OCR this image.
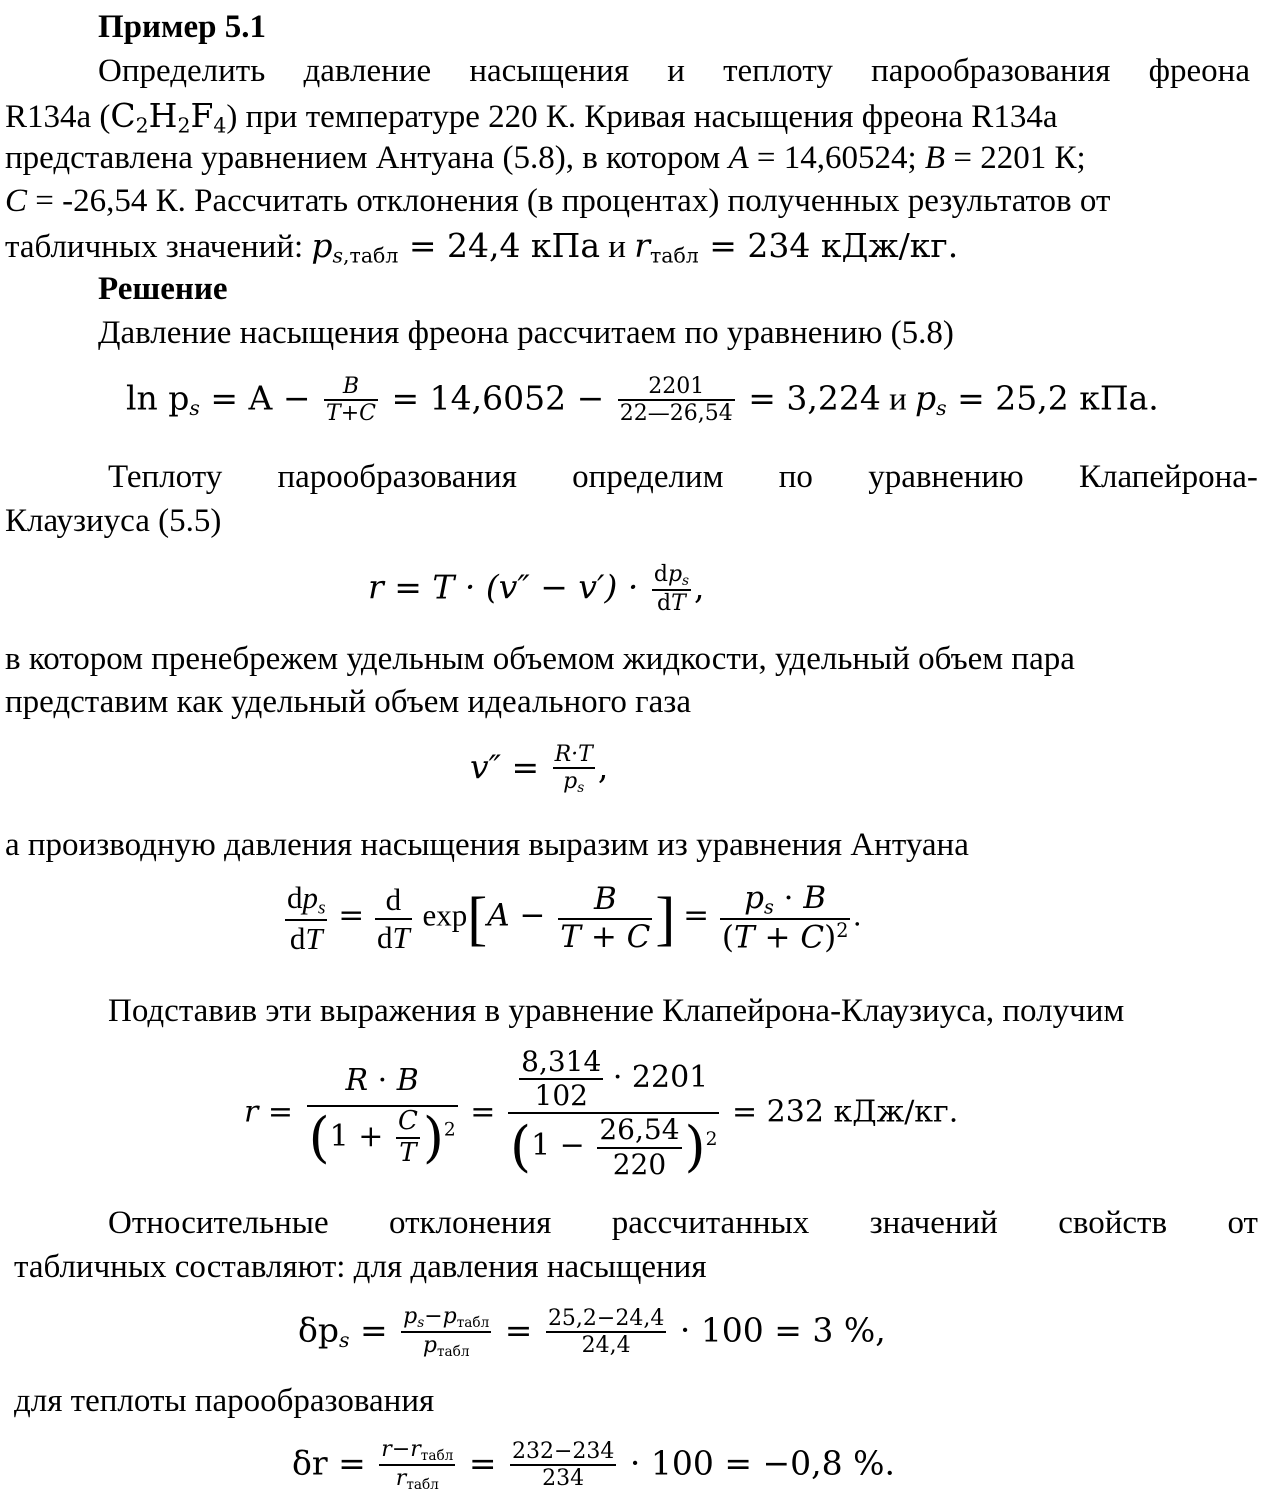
Пример 5.1
Определить давление насыщения и теплоту парообразования фреона
R134a $(C_2H_2F_4)$ при температуре 220 К. Кривая насыщения фреона R134a
представлена уравнением Антуана (5.8), в котором A = 14,60524; B = 2201 К;
C = -26,54 К. Рассчитать отклонения (в процентах) полученных результатов от
табличных значений: $p_{s,табл} = 24,4$ кПа и $r_{табл} = 234$ кДж/кг.
Решение
Давление насыщения фреона рассчитаем по уравнению (5.8)
$\ln p_s = A - \frac{B}{T+C} = 14,6052 - \frac{2201}{22—26,54} = 3,224$ и $p_s = 25,2$ кПа.
Теплоту парообразования определим по уравнению Клапейрона-
Клаузиуса (5.5)
$r = T \cdot (v'' - v') \cdot \frac{dp_s}{dT}$ ,
в котором пренебрежем удельным объемом жидкости, удельный объем пара
представим как удельный объем идеального газа
$v'' = \frac{R\cdot T}{p_s}$ ,
а производную давления насыщения выразим из уравнения Антуана
$\frac{dp_s}{dT} = \frac{d}{dT} \exp[A - \frac{B}{T + C}$ ] = $\frac{p_s \cdot B}{(T + C)^2}$ .
Подставив эти выражения в уравнение Клапейрона-Клаузиуса, получим
$r = \frac{R \cdot B}{(1 + \frac{C}{T} )^2} = \frac{\frac{8,314}{102} \cdot 2201}{(1 - \frac{26,54}{220} )^2} = 232$ кДж/кг.
Относительные отклонения рассчитанных значений свойств от
табличных составляют: для давления насыщения
$\delta p_s = \frac{p_s-p_{табл}}{p_{табл}} = \frac{25,2-24,4}{24,4} \cdot 100 = 3$ %,
для теплоты парообразования
$\delta r = \frac{r-r_{табл}}{r_{табл}} = \frac{232-234}{234} \cdot 100 = -0,8$ %.
